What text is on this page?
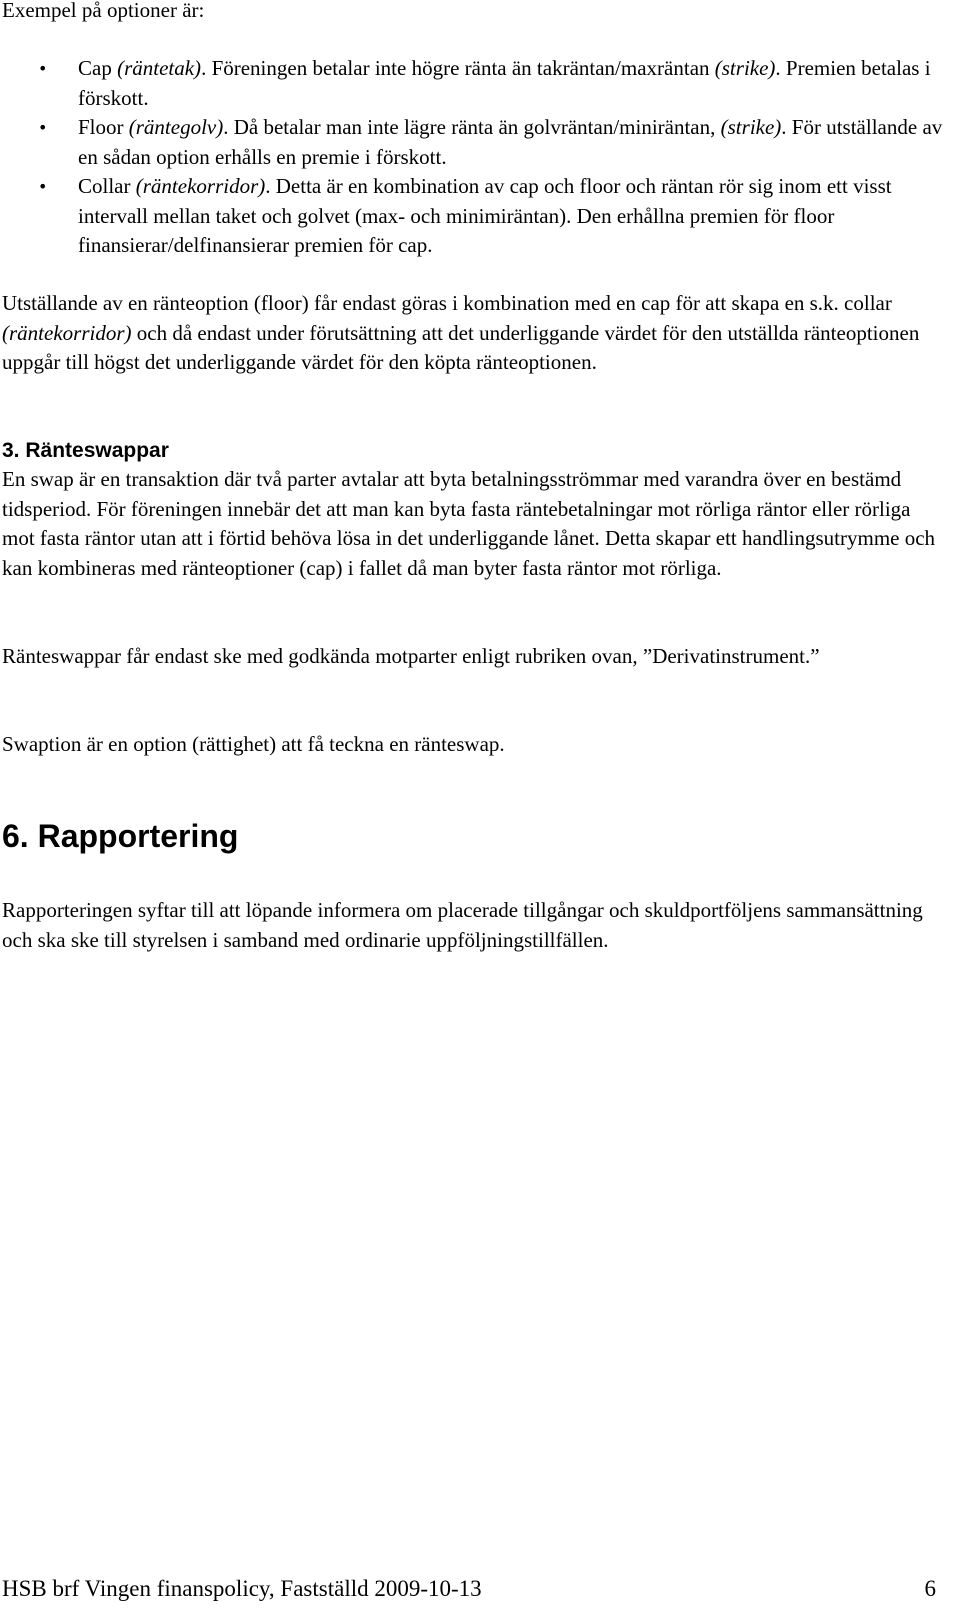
Exempel på optioner är:

• Cap (räntetak). Föreningen betalar inte högre ränta än takräntan/maxräntan (strike). Premien betalas i förskott.
• Floor (räntegolv). Då betalar man inte lägre ränta än golvräntan/miniräntan, (strike). För utställande av en sådan option erhålls en premie i förskott.
• Collar (räntekorridor). Detta är en kombination av cap och floor och räntan rör sig inom ett visst intervall mellan taket och golvet (max- och minimiräntan). Den erhållna premien för floor finansierar/delfinansierar premien för cap.

Utställande av en ränteoption (floor) får endast göras i kombination med en cap för att skapa en s.k. collar (räntekorridor) och då endast under förutsättning att det underliggande värdet för den utställda ränteoptionen uppgår till högst det underliggande värdet för den köpta ränteoptionen.

3. Ränteswappar

En swap är en transaktion där två parter avtalar att byta betalningsströmmar med varandra över en bestämd tidsperiod. För föreningen innebär det att man kan byta fasta räntebetalningar mot rörliga räntor eller rörliga mot fasta räntor utan att i förtid behöva lösa in det underliggande lånet. Detta skapar ett handlingsutrymme och kan kombineras med ränteoptioner (cap) i fallet då man byter fasta räntor mot rörliga.

Ränteswappar får endast ske med godkända motparter enligt rubriken ovan, ”Derivatinstrument.”

Swaption är en option (rättighet) att få teckna en ränteswap.

6. Rapportering

Rapporteringen syftar till att löpande informera om placerade tillgångar och skuldportföljens sammansättning och ska ske till styrelsen i samband med ordinarie uppföljningstillfällen.

HSB brf Vingen finanspolicy, Fastställd 2009-10-13	6
